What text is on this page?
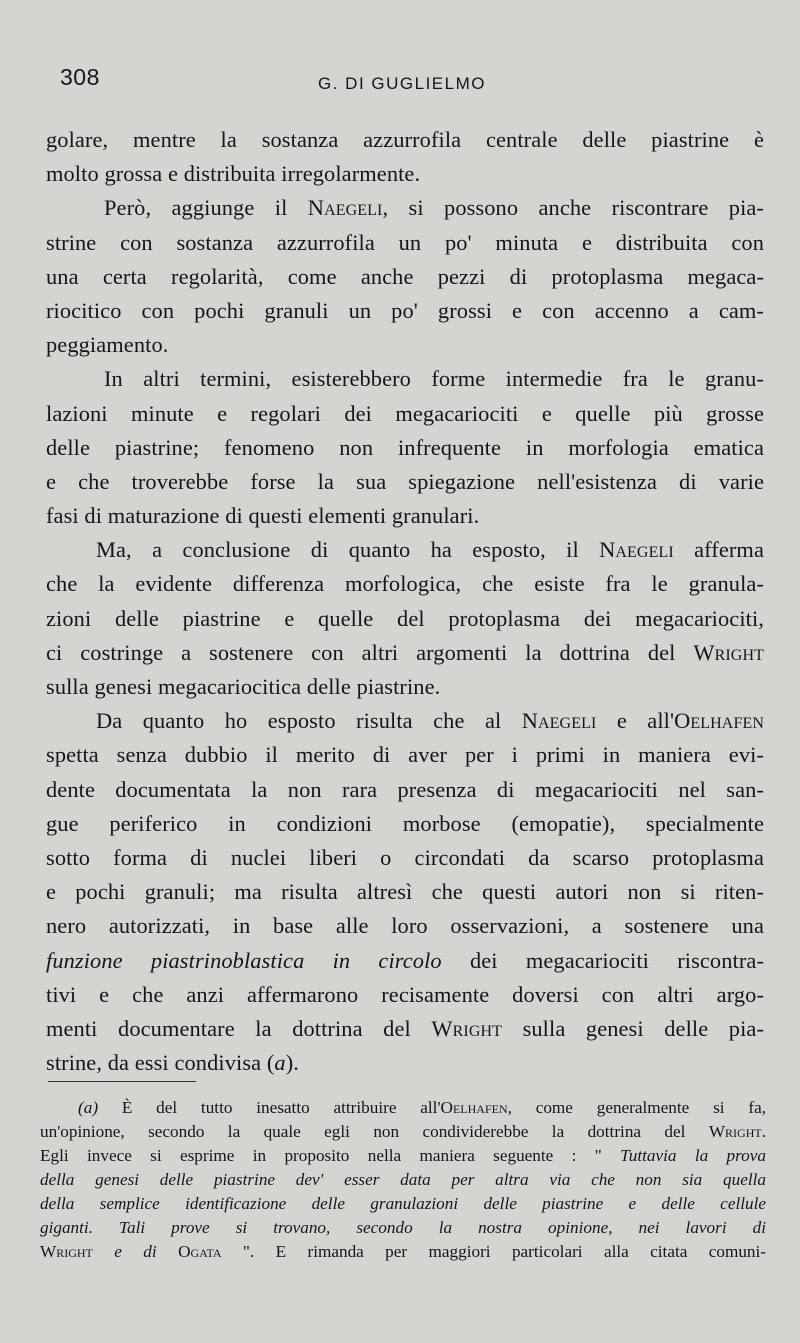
308	G. DI GUGLIELMO
golare, mentre la sostanza azzurrofila centrale delle piastrine è
molto grossa e distribuita irregolarmente.
Però, aggiunge il Naegeli, si possono anche riscontrare pia-
strine con sostanza azzurrofila un po' minuta e distribuita con
una certa regolarità, come anche pezzi di protoplasma megaca-
riocitico con pochi granuli un po' grossi e con accenno a cam-
peggiamento.
In altri termini, esisterebbero forme intermedie fra le granu-
lazioni minute e regolari dei megacariociti e quelle più grosse
delle piastrine; fenomeno non infrequente in morfologia ematica
e che troverebbe forse la sua spiegazione nell'esistenza di varie
fasi di maturazione di questi elementi granulari.
Ma, a conclusione di quanto ha esposto, il Naegeli afferma
che la evidente differenza morfologica, che esiste fra le granula-
zioni delle piastrine e quelle del protoplasma dei megacariociti,
ci costringe a sostenere con altri argomenti la dottrina del Wright
sulla genesi megacariocitica delle piastrine.
Da quanto ho esposto risulta che al Naegeli e all'Oelhafen
spetta senza dubbio il merito di aver per i primi in maniera evi-
dente documentata la non rara presenza di megacariociti nel san-
gue periferico in condizioni morbose (emopatie), specialmente
sotto forma di nuclei liberi o circondati da scarso protoplasma
e pochi granuli; ma risulta altresì che questi autori non si riten-
nero autorizzati, in base alle loro osservazioni, a sostenere una
funzione piastrinoblastica in circolo dei megacariociti riscontra-
tivi e che anzi affermarono recisamente doversi con altri argo-
menti documentare la dottrina del Wright sulla genesi delle pia-
strine, da essi condivisa (a).
(a) È del tutto inesatto attribuire all'Oelhafen, come generalmente si fa,
un'opinione, secondo la quale egli non condividerebbe la dottrina del Wright.
Egli invece si esprime in proposito nella maniera seguente : " Tuttavia la prova
della genesi delle piastrine dev' esser data per altra via che non sia quella
della semplice identificazione delle granulazioni delle piastrine e delle cellule
giganti. Tali prove si trovano, secondo la nostra opinione, nei lavori di
Wright e di Ogata ". E rimanda per maggiori particolari alla citata comuni-
